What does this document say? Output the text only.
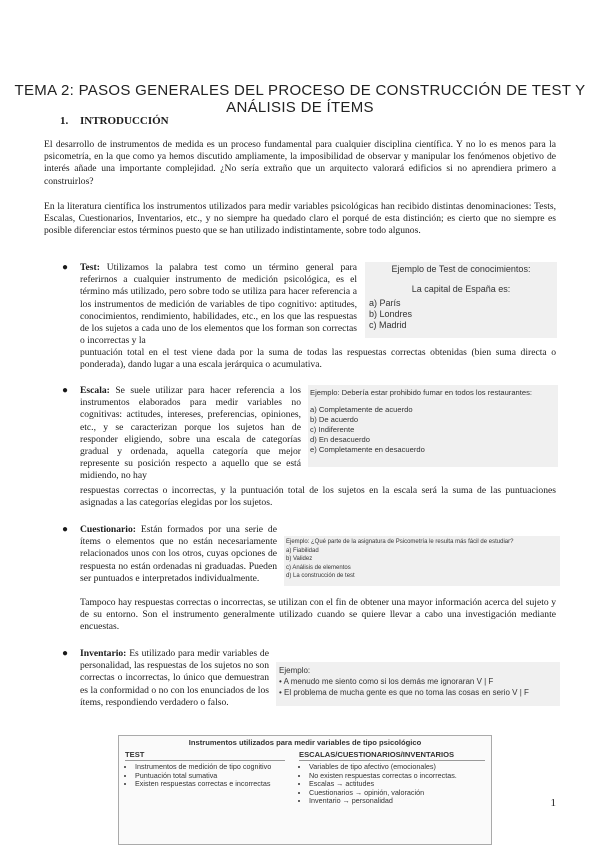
TEMA 2: PASOS GENERALES DEL PROCESO DE CONSTRUCCIÓN DE TEST Y ANÁLISIS DE ÍTEMS
1. INTRODUCCIÓN
El desarrollo de instrumentos de medida es un proceso fundamental para cualquier disciplina científica. Y no lo es menos para la psicometría, en la que como ya hemos discutido ampliamente, la imposibilidad de observar y manipular los fenómenos objetivo de interés añade una importante complejidad. ¿No sería extraño que un arquitecto valorará edificios si no aprendiera primero a construirlos?
En la literatura científica los instrumentos utilizados para medir variables psicológicas han recibido distintas denominaciones: Tests, Escalas, Cuestionarios, Inventarios, etc., y no siempre ha quedado claro el porqué de esta distinción; es cierto que no siempre es posible diferenciar estos términos puesto que se han utilizado indistintamente, sobre todo algunos.
● Test: Utilizamos la palabra test como un término general para referirnos a cualquier instrumento de medición psicológica, es el término más utilizado, pero sobre todo se utiliza para hacer referencia a los instrumentos de medición de variables de tipo cognitivo: aptitudes, conocimientos, rendimiento, habilidades, etc., en los que las respuestas de los sujetos a cada uno de los elementos que los forman son correctas o incorrectas y la
puntuación total en el test viene dada por la suma de todas las respuestas correctas obtenidas (bien suma directa o ponderada), dando lugar a una escala jerárquica o acumulativa.
Ejemplo de Test de conocimientos:
La capital de España es:
a) París
b) Londres
c) Madrid
● Escala: Se suele utilizar para hacer referencia a los instrumentos elaborados para medir variables no cognitivas: actitudes, intereses, preferencias, opiniones, etc., y se caracterizan porque los sujetos han de responder eligiendo, sobre una escala de categorías gradual y ordenada, aquella categoría que mejor represente su posición respecto a aquello que se está midiendo, no hay
respuestas correctas o incorrectas, y la puntuación total de los sujetos en la escala será la suma de las puntuaciones asignadas a las categorías elegidas por los sujetos.
Ejemplo: Debería estar prohibido fumar en todos los restaurantes:
a) Completamente de acuerdo
b) De acuerdo
c) Indiferente
d) En desacuerdo
e) Completamente en desacuerdo
● Cuestionario: Están formados por una serie de ítems o elementos que no están necesariamente relacionados unos con los otros, cuyas opciones de respuesta no están ordenadas ni graduadas. Pueden ser puntuados e interpretados individualmente.
Tampoco hay respuestas correctas o incorrectas, se utilizan con el fin de obtener una mayor información acerca del sujeto y de su entorno. Son el instrumento generalmente utilizado cuando se quiere llevar a cabo una investigación mediante encuestas.
Ejemplo: ¿Qué parte de la asignatura de Psicometría le resulta más fácil de estudiar?
a) Fiabilidad
b) Validez
c) Análisis de elementos
d) La construcción de test
● Inventario: Es utilizado para medir variables de personalidad, las respuestas de los sujetos no son correctas o incorrectas, lo único que demuestran es la conformidad o no con los enunciados de los ítems, respondiendo verdadero o falso.
Ejemplo:
• A menudo me siento como si los demás me ignoraran V | F
• El problema de mucha gente es que no toma las cosas en serio V | F
Instrumentos utilizados para medir variables de tipo psicológico
TEST
• Instrumentos de medición de tipo cognitivo
• Puntuación total sumativa
• Existen respuestas correctas e incorrectas
ESCALAS/CUESTIONARIOS/INVENTARIOS
• Variables de tipo afectivo (emocionales)
• No existen respuestas correctas o incorrectas.
• Escalas → actitudes
• Cuestionarios → opinión, valoración
• Inventario → personalidad	1
